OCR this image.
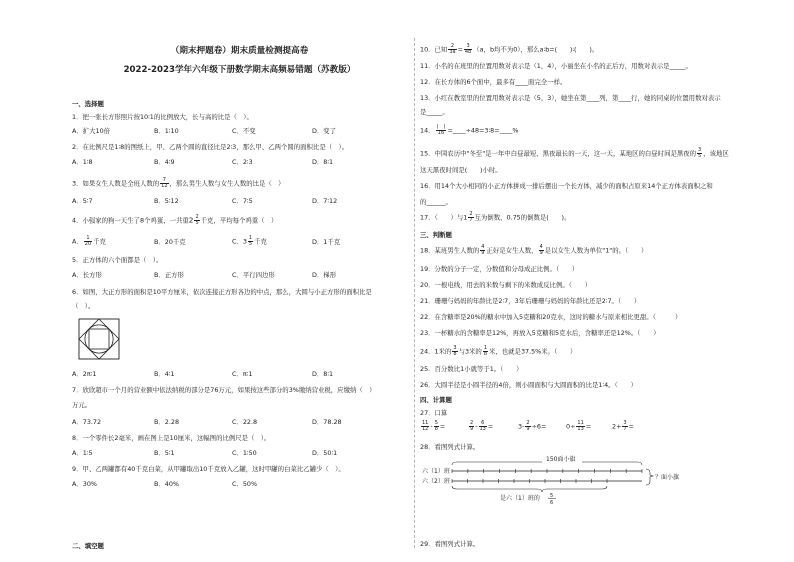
（期末押题卷）期末质量检测提高卷
2022-2023学年六年级下册数学期末高频易错题（苏教版）
一、选择题
1．把一张长方形照片按10∶1的比例放大，长与高的比是（　）。
A．扩大10倍	B．1∶10	C．不变	D．变了
2．在比例尺是1∶8的图纸上，甲、乙两个圆的直径比是2∶3，那么甲、乙两个圆的面积比是（　）。
A．1∶8	B．4∶9	C．2∶3	D．8∶1
3．如果女生人数是全班人数的 $\frac{7}{12}$ ，那么男生人数与女生人数的比是（　）
A．5∶7	B．5∶12	C．7∶5	D．7∶12
4．小强家的狗一天生了8个鸡蛋，一共重$2 \frac{2}{5}$ 千克，平均每个鸡重（　）
A． $\frac{1}{20}$ 千克	B．20千克	C．$3 \frac{1}{5}$ 千克	D．1千克
5．正方体的六个面都是（　）。
A．长方形	B．正方形	C．平行四边形	D．梯形
6．如图，大正方形的面积是10平方厘米，依次连接正方形各边的中点，那么，大圆与小正方形的面积比是
（　）。
A．2π∶1	B．4∶1	C．π∶1	D．8∶1
7．欣欣超市一个月的营业额中依法纳税的部分是76万元，如果按这些部分的3%缴纳营业税，应缴纳（　）
万元。
A．73.72	B．2.28	C．22.8	D．78.28
8．一个零件长2毫米，画在图上是10厘米，这幅图的比例尺是（　）。
A．1∶5	B．5∶1	C．1∶50	D．50∶1
9．甲、乙两罐都有40千克白菜，从甲罐取出10千克放入乙罐，这时甲罐的白菜比乙罐少（　）。
A．30%	B．40%	C．50%
二、填空题
10．已知 $\frac{2}{3a} = \frac{3}{4b} (a$，b均不为0），那么a∶b=(　　)∶(　　)。
11．小名的在班里的位置用数对表示是（1，4），小丽坐在小名的正后方，用数对表示是_____。
12．在长方体的6个面中，最多有____面完全一样。
13．小红在教室里的位置用数对表示是（5，3），她坐在第____列，第____行，她的同桌的位置用数对表示
是_____。
14． $\frac{( )}{16}$ =____÷48=3∶8=____%
15．中国农历中"冬至"是一年中白昼最短、黑夜最长的一天，这一天，某地区的白昼时间是黑夜的 $\frac{3}{5}$ ，该地区
这天黑夜时间是(　　)小时。
16．用14个大小相同的小正方体拼成一排后摆出一个长方体，减少的面积占原来14个正方体表面积之和
的______。
17．（　　）与$1 \frac{2}{7}$ 互为倒数，0.75的倒数是(　　)。
三、判断题
18．某班男生人数的 $\frac{4}{9}$ 正好是女生人数， $\frac{4}{9}$ 是以女生人数为单位"1"的。（　　）
19．分数的分子一定，分数值和分母成正比例。（　　）
20．一根电线，用去的米数与剩下的米数成反比例。（　　）
21．珊珊与妈妈的年龄比是2∶7，3年后珊珊与妈妈的年龄比还是2∶7。（　　）
22．在含糖率是20%的糖水中加入5克糖和20克水，这时的糖水与原来相比更甜。（　　　）
23．一杯糖水的含糖率是12%，再放入5克糖和5克水后，含糖率还是12%。（　　）
24．1米的 $\frac{3}{8}$ 与3米的 $\frac{1}{8}$ 米，也就是37.5%米。（　　）
25．百分数比1小就等于1。（　　）
26．大圆半径是小圆半径的4倍，则小圆面积与大圆面积的比是1∶4。（　　）
四、计算题
27．口算
$\frac{11}{12} - \frac{5}{8}$ =	$\frac{2}{9} - \frac{6}{13}$ =	$3- \frac{2}{9} \div 6=$	$0\div \frac{11}{13}$ =	$2+ \frac{3}{7}$ =
28．看图列式计算。
150面小旗
六（1）班
六（2）班
？面小旗
是六（1）班的 5
6
29．看图列式计算。
